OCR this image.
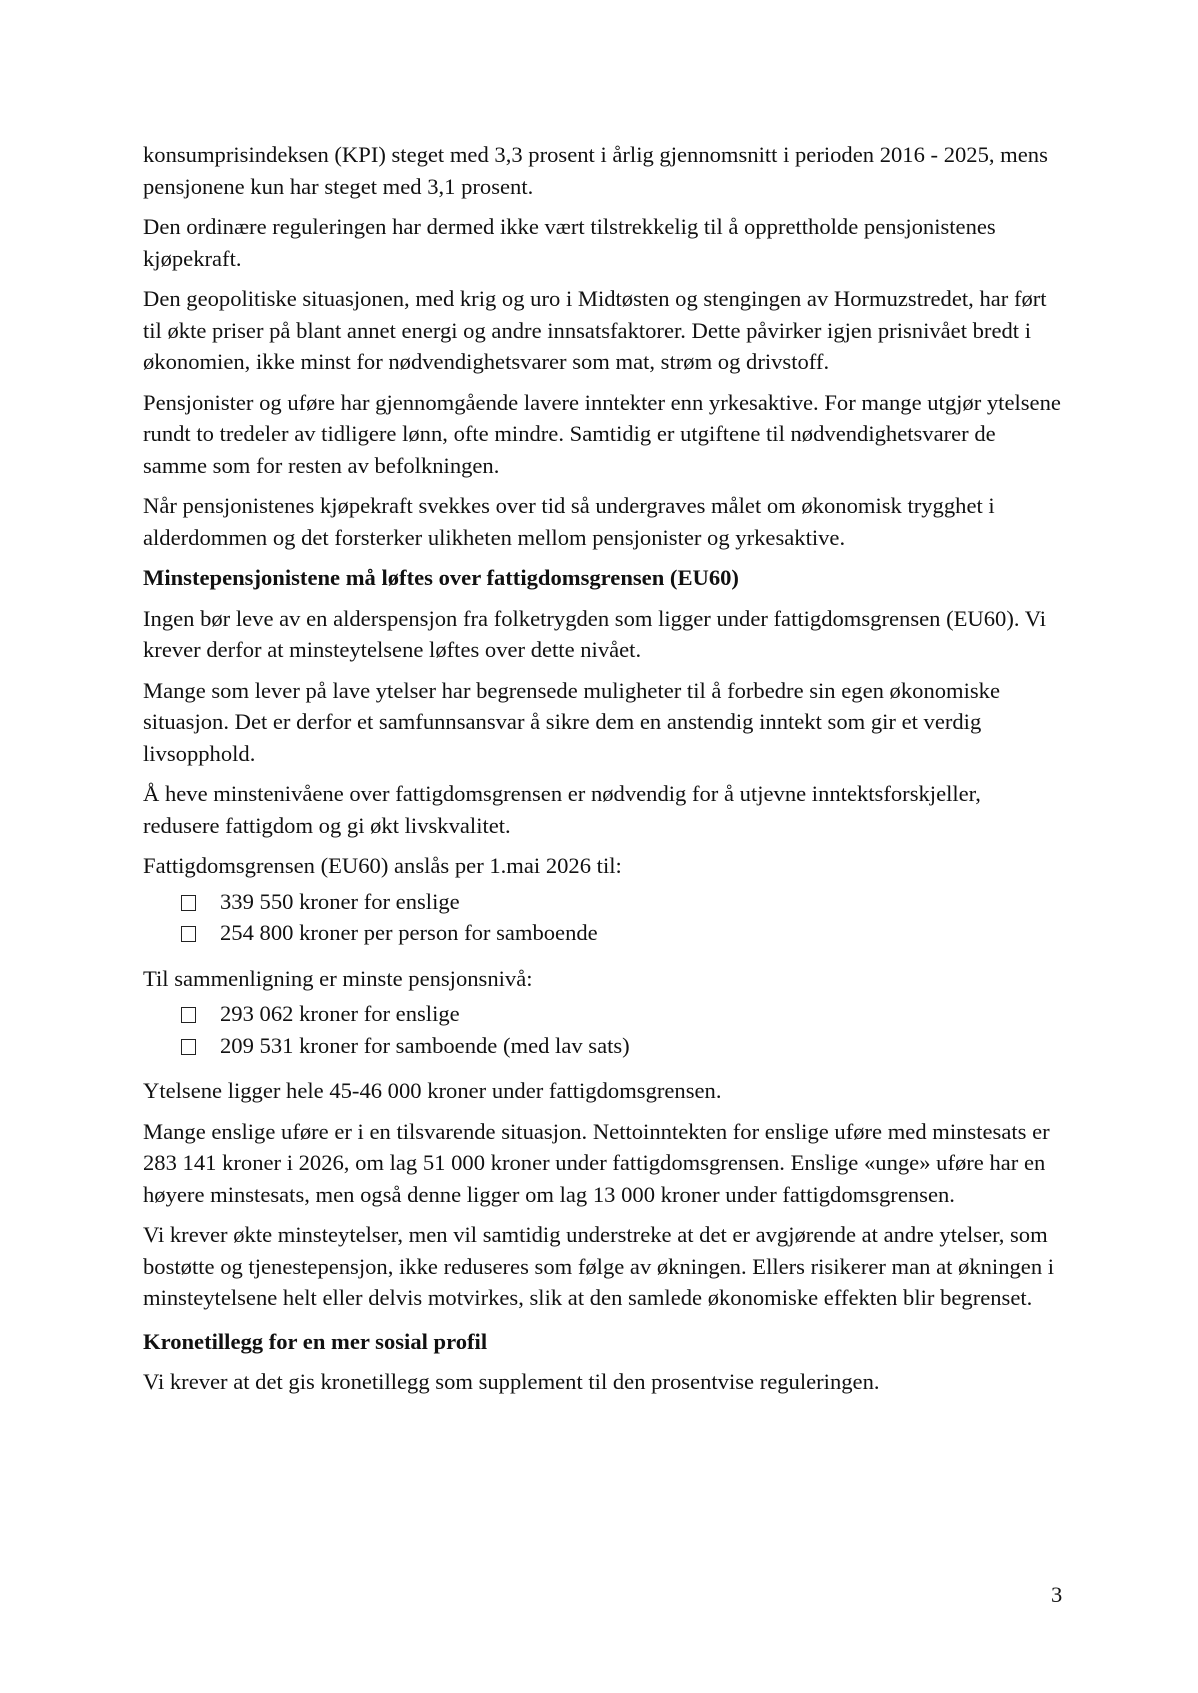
konsumprisindeksen (KPI) steget med 3,3 prosent i årlig gjennomsnitt i perioden 2016 - 2025, mens pensjonene kun har steget med 3,1 prosent.

Den ordinære reguleringen har dermed ikke vært tilstrekkelig til å opprettholde pensjonistenes kjøpekraft.

Den geopolitiske situasjonen, med krig og uro i Midtøsten og stengingen av Hormuzstredet, har ført til økte priser på blant annet energi og andre innsatsfaktorer. Dette påvirker igjen prisnivået bredt i økonomien, ikke minst for nødvendighetsvarer som mat, strøm og drivstoff.

Pensjonister og uføre har gjennomgående lavere inntekter enn yrkesaktive. For mange utgjør ytelsene rundt to tredeler av tidligere lønn, ofte mindre. Samtidig er utgiftene til nødvendighetsvarer de samme som for resten av befolkningen.

Når pensjonistenes kjøpekraft svekkes over tid så undergraves målet om økonomisk trygghet i alderdommen og det forsterker ulikheten mellom pensjonister og yrkesaktive.

Minstepensjonistene må løftes over fattigdomsgrensen (EU60)

Ingen bør leve av en alderspensjon fra folketrygden som ligger under fattigdomsgrensen (EU60). Vi krever derfor at minsteytelsene løftes over dette nivået.

Mange som lever på lave ytelser har begrensede muligheter til å forbedre sin egen økonomiske situasjon. Det er derfor et samfunnsansvar å sikre dem en anstendig inntekt som gir et verdig livsopphold.

Å heve minstenivåene over fattigdomsgrensen er nødvendig for å utjevne inntektsforskjeller, redusere fattigdom og gi økt livskvalitet.

Fattigdomsgrensen (EU60) anslås per 1.mai 2026 til:

339 550 kroner for enslige
254 800 kroner per person for samboende

Til sammenligning er minste pensjonsnivå:

293 062 kroner for enslige
209 531 kroner for samboende (med lav sats)

Ytelsene ligger hele 45-46 000 kroner under fattigdomsgrensen.

Mange enslige uføre er i en tilsvarende situasjon. Nettoinntekten for enslige uføre med minstesats er 283 141 kroner i 2026, om lag 51 000 kroner under fattigdomsgrensen. Enslige «unge» uføre har en høyere minstesats, men også denne ligger om lag 13 000 kroner under fattigdomsgrensen.

Vi krever økte minsteytelser, men vil samtidig understreke at det er avgjørende at andre ytelser, som bostøtte og tjenestepensjon, ikke reduseres som følge av økningen. Ellers risikerer man at økningen i minsteytelsene helt eller delvis motvirkes, slik at den samlede økonomiske effekten blir begrenset.

Kronetillegg for en mer sosial profil

Vi krever at det gis kronetillegg som supplement til den prosentvise reguleringen.

3
